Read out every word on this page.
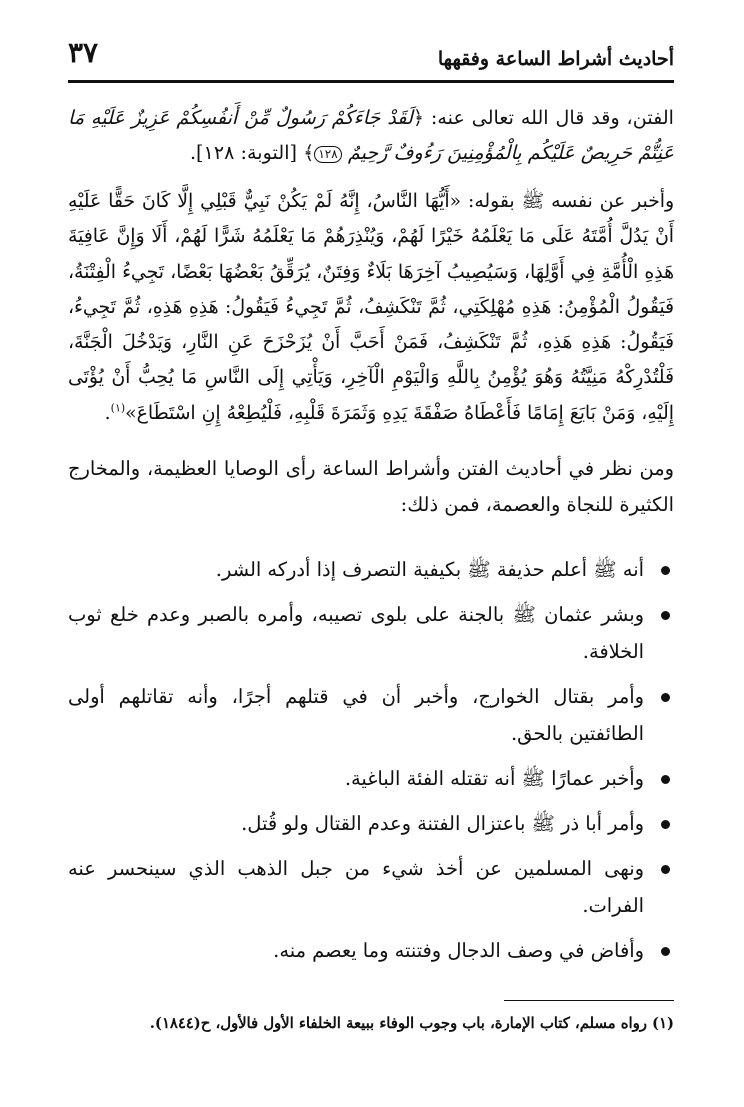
أحاديث أشراط الساعة وفقهها
٣٧

الفتن، وقد قال الله تعالى عنه: ﴿لَقَدْ جَاءَكُمْ رَسُولٌ مِّنْ أَنفُسِكُمْ عَزِيزٌ عَلَيْهِ مَا عَنِتُّمْ حَرِيصٌ عَلَيْكُم بِالْمُؤْمِنِينَ رَءُوفٌ رَّحِيمٌ ١٢٨﴾ [التوبة: ١٢٨].

وأخبر عن نفسه ﷺ بقوله: «أَيُّهَا النَّاسُ، إِنَّهُ لَمْ يَكُنْ نَبِيٌّ قَبْلِي إِلَّا كَانَ حَقًّا عَلَيْهِ أَنْ يَدُلَّ أُمَّتَهُ عَلَى مَا يَعْلَمُهُ خَيْرًا لَهُمْ، وَيُنْذِرَهُمْ مَا يَعْلَمُهُ شَرًّا لَهُمْ، أَلَا وَإِنَّ عَافِيَةَ هَذِهِ الْأُمَّةِ فِي أَوَّلِهَا، وَسَيُصِيبُ آخِرَهَا بَلَاءٌ وَفِتَنٌ، يُرَقِّقُ بَعْضُهَا بَعْضًا، تَجِيءُ الْفِتْنَةُ، فَيَقُولُ الْمُؤْمِنُ: هَذِهِ مُهْلِكَتِي، ثُمَّ تَنْكَشِفُ، ثُمَّ تَجِيءُ فَيَقُولُ: هَذِهِ هَذِهِ، ثُمَّ تَجِيءُ، فَيَقُولُ: هَذِهِ هَذِهِ، ثُمَّ تَنْكَشِفُ، فَمَنْ أَحَبَّ أَنْ يُزَحْزَحَ عَنِ النَّارِ، وَيَدْخُلَ الْجَنَّةَ، فَلْتُدْرِكْهُ مَنِيَّتُهُ وَهُوَ يُؤْمِنُ بِاللَّهِ وَالْيَوْمِ الْآخِرِ، وَيَأْتِي إِلَى النَّاسِ مَا يُحِبُّ أَنْ يُؤْتَى إِلَيْهِ، وَمَنْ بَايَعَ إِمَامًا فَأَعْطَاهُ صَفْقَةَ يَدِهِ وَثَمَرَةَ قَلْبِهِ، فَلْيُطِعْهُ إِنِ اسْتَطَاعَ»$^{(١)}$.

ومن نظر في أحاديث الفتن وأشراط الساعة رأى الوصايا العظيمة، والمخارج الكثيرة للنجاة والعصمة، فمن ذلك:

أنه ﷺ أعلم حذيفة ﷺ بكيفية التصرف إذا أدركه الشر.
وبشر عثمان ﷺ بالجنة على بلوى تصيبه، وأمره بالصبر وعدم خلع ثوب الخلافة.
وأمر بقتال الخوارج، وأخبر أن في قتلهم أجرًا، وأنه تقاتلهم أولى الطائفتين بالحق.
وأخبر عمارًا ﷺ أنه تقتله الفئة الباغية.
وأمر أبا ذر ﷺ باعتزال الفتنة وعدم القتال ولو قُتل.
ونهى المسلمين عن أخذ شيء من جبل الذهب الذي سينحسر عنه الفرات.
وأفاض في وصف الدجال وفتنته وما يعصم منه.
(١) رواه مسلم، كتاب الإمارة، باب وجوب الوفاء ببيعة الخلفاء الأول فالأول، ح(١٨٤٤).
